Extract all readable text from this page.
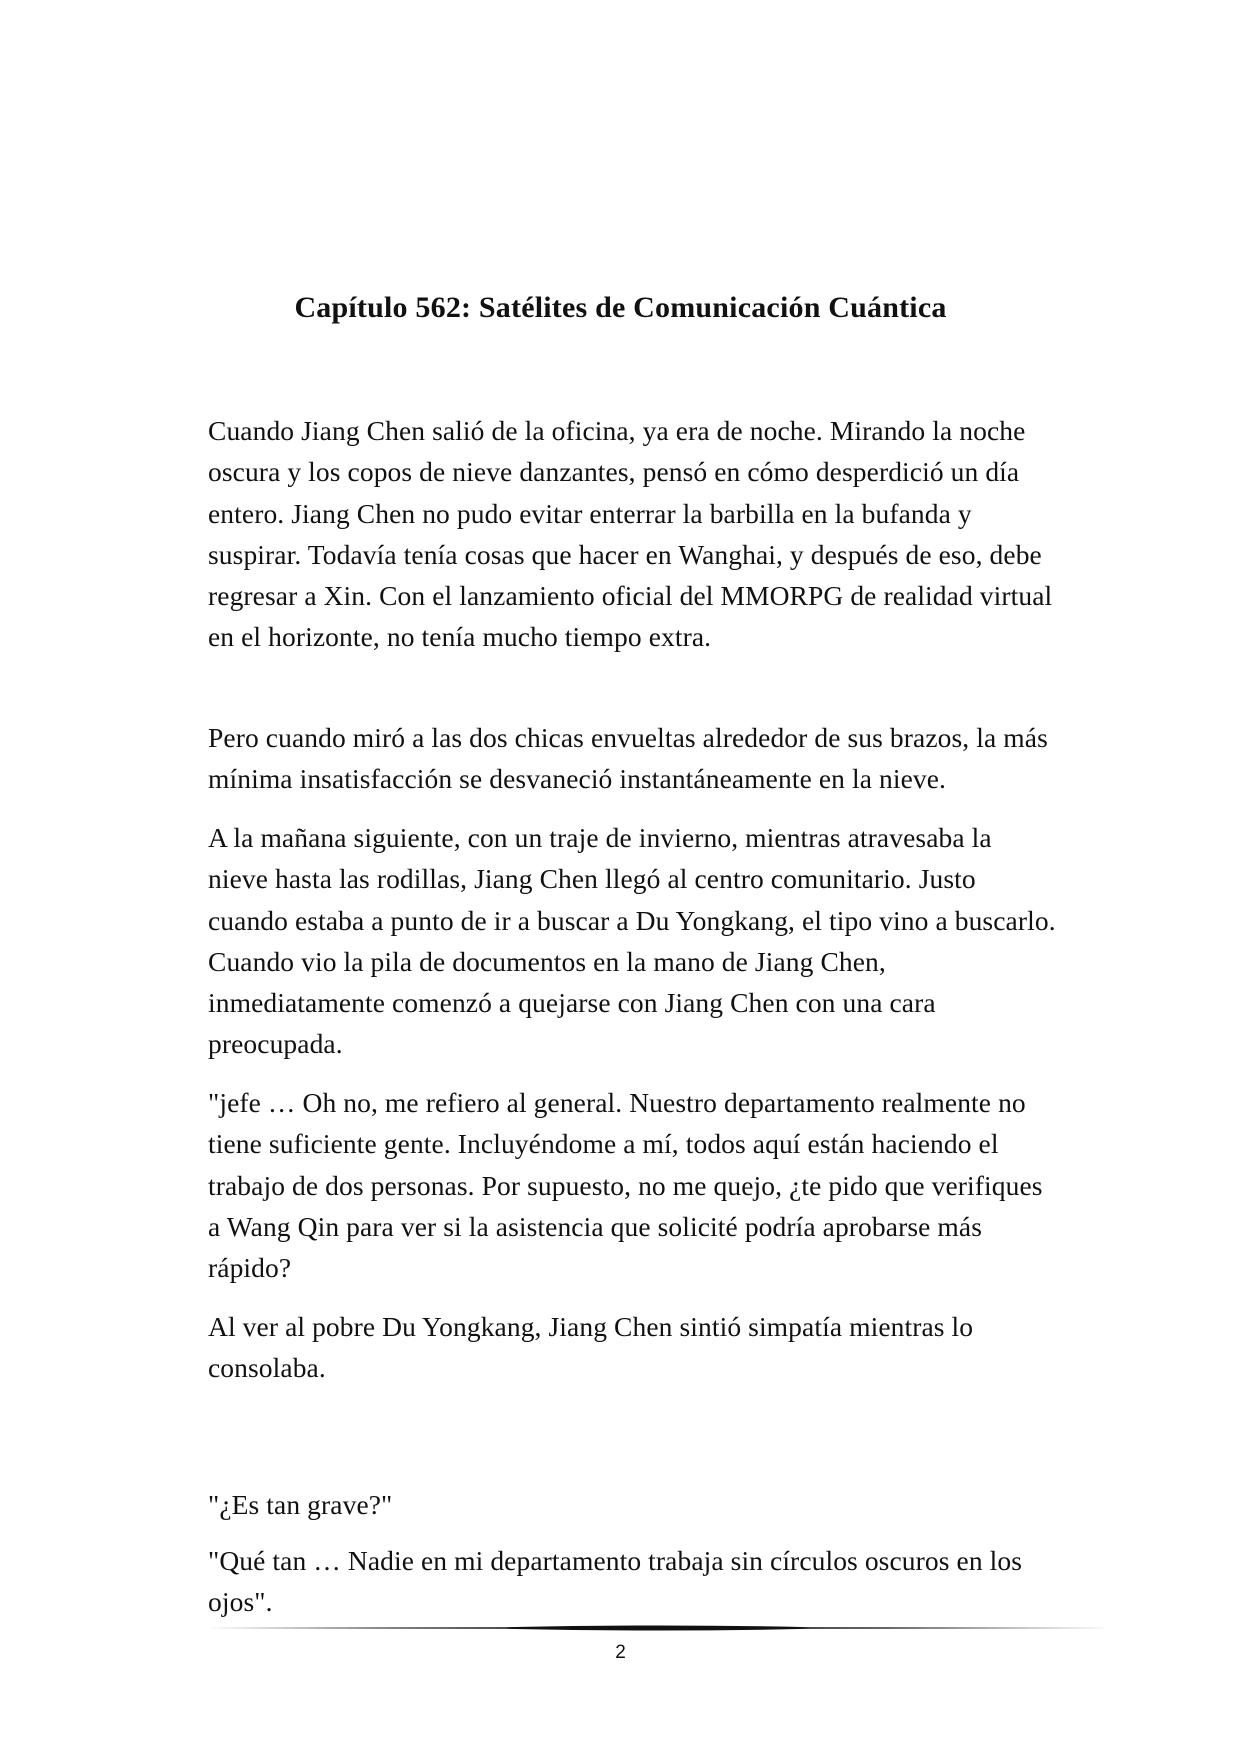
Capítulo 562: Satélites de Comunicación Cuántica

Cuando Jiang Chen salió de la oficina, ya era de noche. Mirando la noche oscura y los copos de nieve danzantes, pensó en cómo desperdició un día entero. Jiang Chen no pudo evitar enterrar la barbilla en la bufanda y suspirar. Todavía tenía cosas que hacer en Wanghai, y después de eso, debe regresar a Xin. Con el lanzamiento oficial del MMORPG de realidad virtual en el horizonte, no tenía mucho tiempo extra.

Pero cuando miró a las dos chicas envueltas alrededor de sus brazos, la más mínima insatisfacción se desvaneció instantáneamente en la nieve.

A la mañana siguiente, con un traje de invierno, mientras atravesaba la nieve hasta las rodillas, Jiang Chen llegó al centro comunitario. Justo cuando estaba a punto de ir a buscar a Du Yongkang, el tipo vino a buscarlo. Cuando vio la pila de documentos en la mano de Jiang Chen, inmediatamente comenzó a quejarse con Jiang Chen con una cara preocupada.

"jefe … Oh no, me refiero al general. Nuestro departamento realmente no tiene suficiente gente. Incluyéndome a mí, todos aquí están haciendo el trabajo de dos personas. Por supuesto, no me quejo, ¿te pido que verifiques a Wang Qin para ver si la asistencia que solicité podría aprobarse más rápido?

Al ver al pobre Du Yongkang, Jiang Chen sintió simpatía mientras lo consolaba.

"¿Es tan grave?"

"Qué tan … Nadie en mi departamento trabaja sin círculos oscuros en los ojos".

2
